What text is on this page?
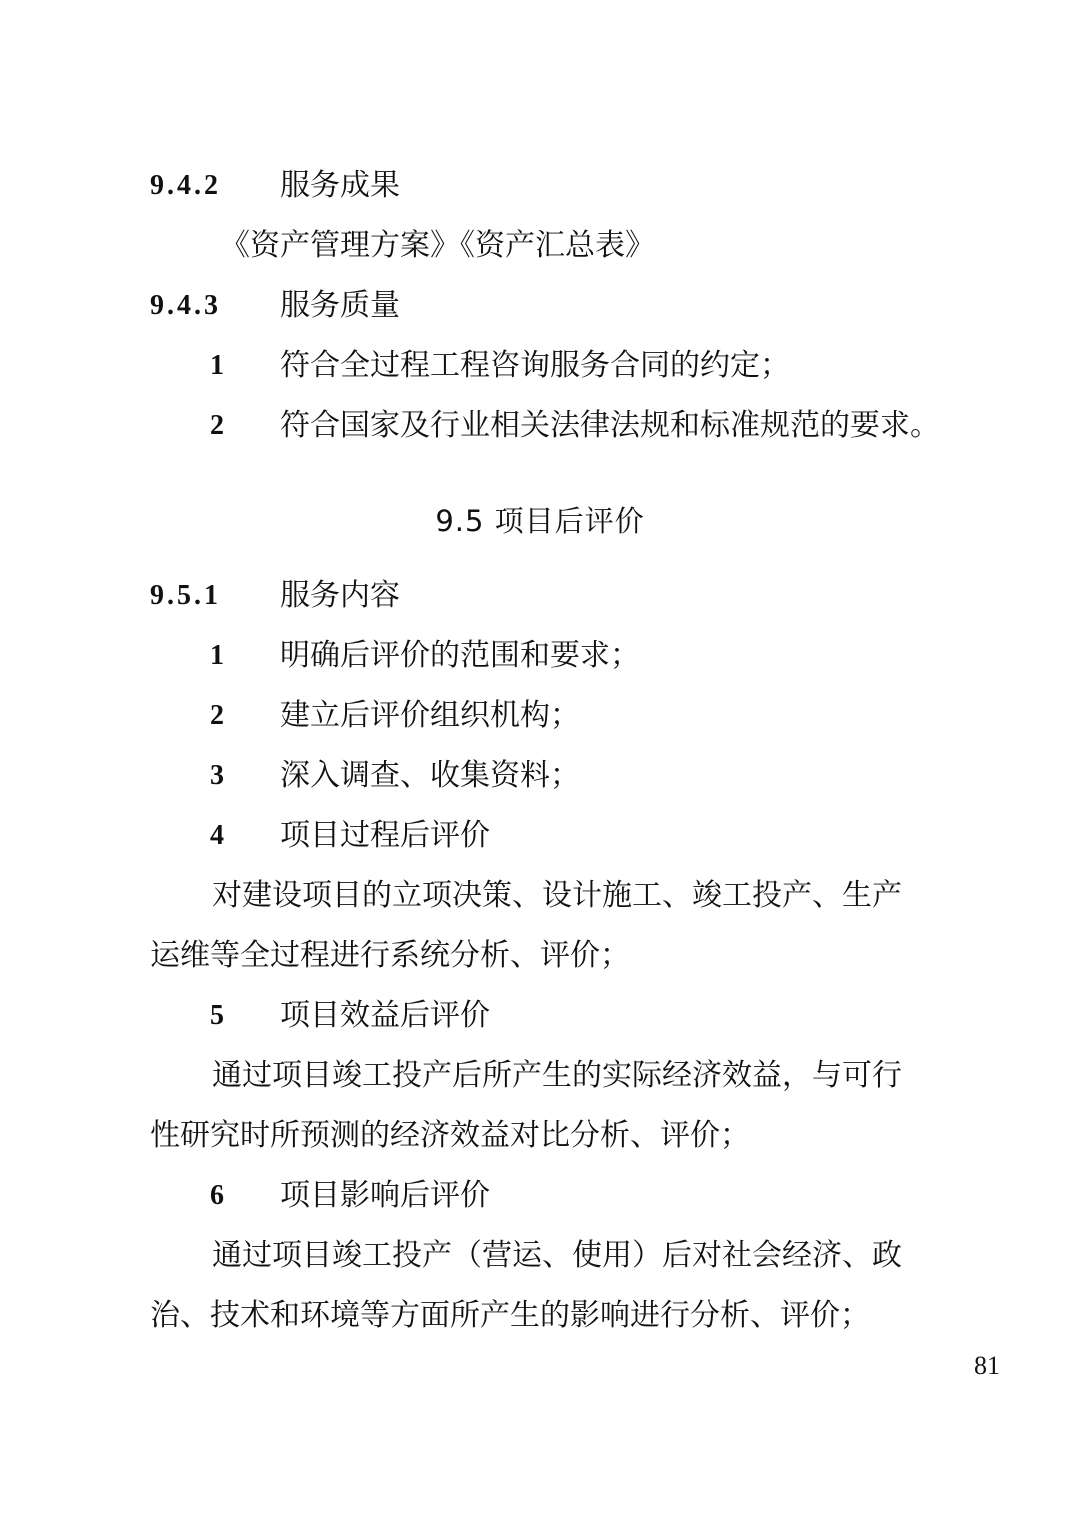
9.4.2 服务成果
《资产管理方案》《资产汇总表》
9.4.3 服务质量
1 符合全过程工程咨询服务合同的约定；
2 符合国家及行业相关法律法规和标准规范的要求。
9.5 项目后评价
9.5.1 服务内容
1 明确后评价的范围和要求；
2 建立后评价组织机构；
3 深入调查、收集资料；
4 项目过程后评价
对建设项目的立项决策、设计施工、竣工投产、生产
运维等全过程进行系统分析、评价；
5 项目效益后评价
通过项目竣工投产后所产生的实际经济效益，与可行
性研究时所预测的经济效益对比分析、评价；
6 项目影响后评价
通过项目竣工投产（营运、使用）后对社会经济、政
治、技术和环境等方面所产生的影响进行分析、评价；
81
